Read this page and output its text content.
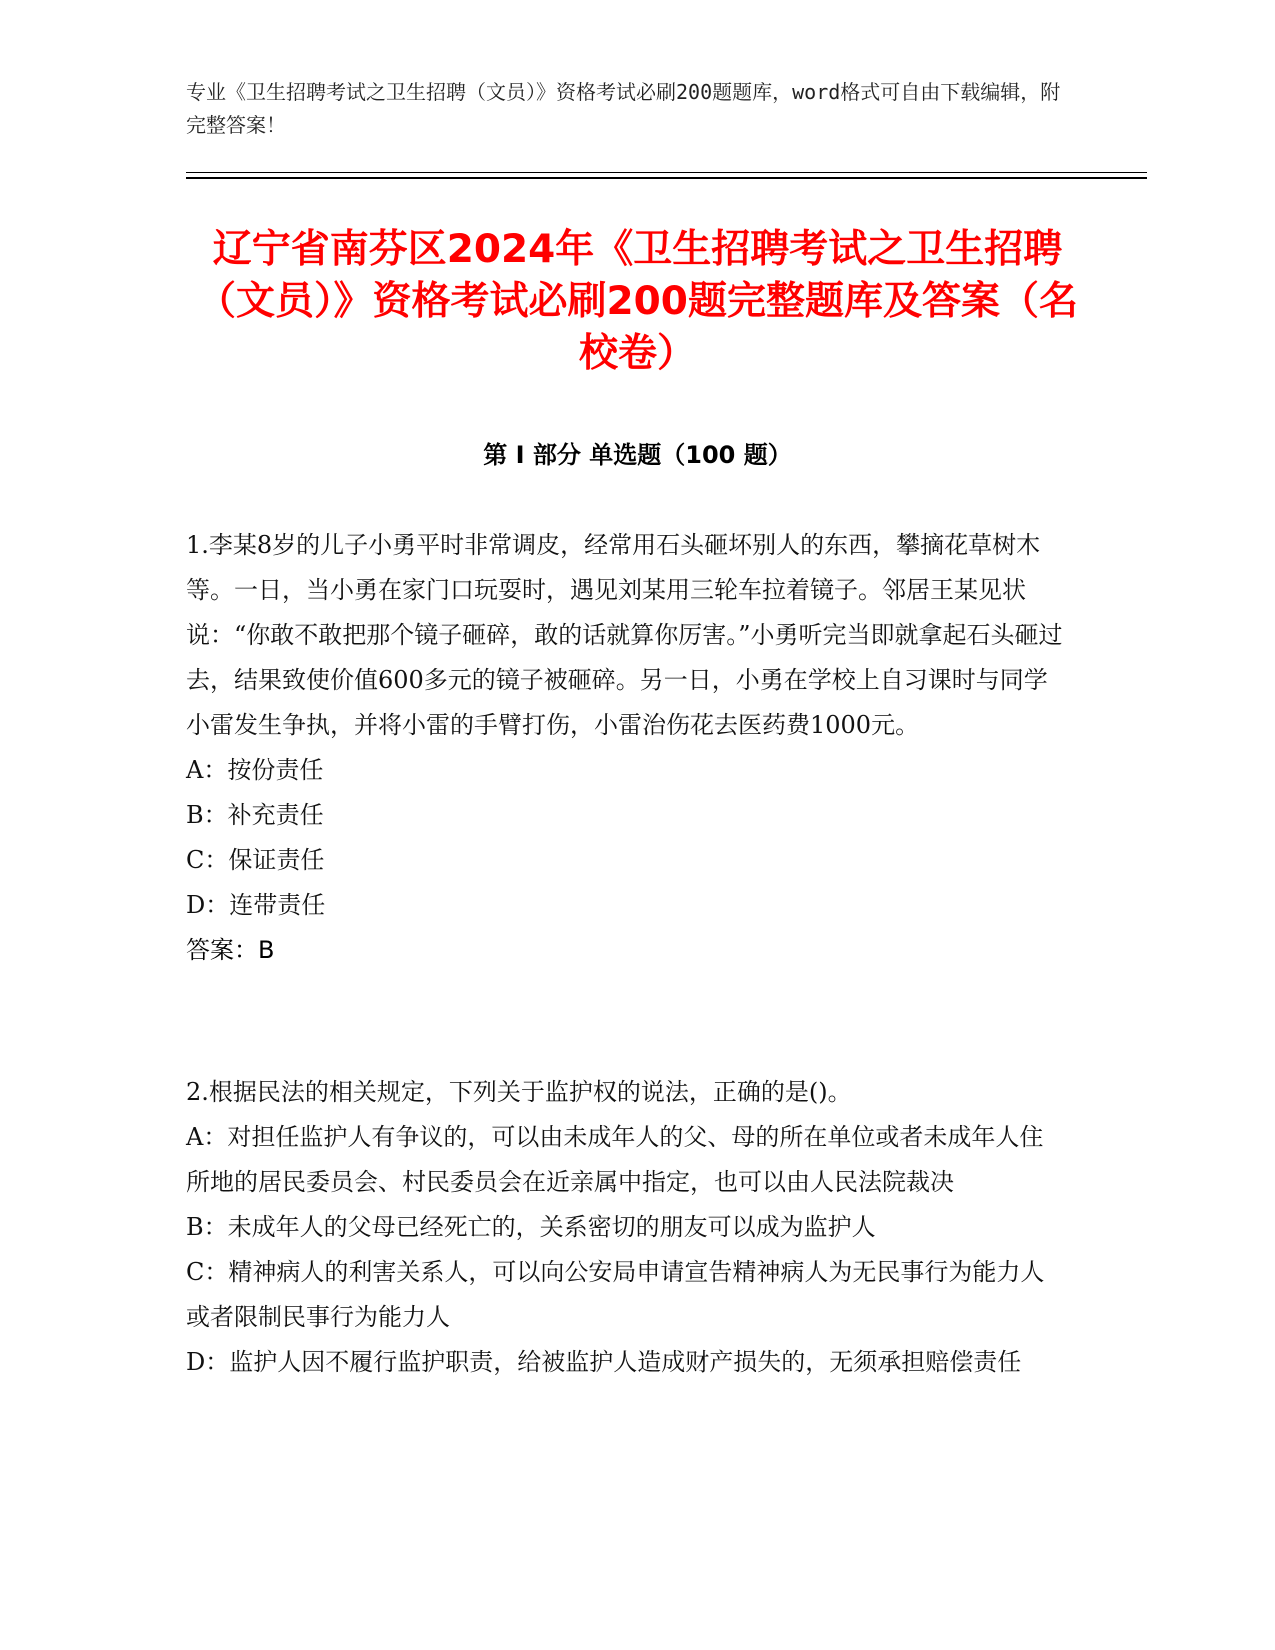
专业《卫生招聘考试之卫生招聘（文员）》资格考试必刷200题题库，word格式可自由下载编辑，附完整答案！
辽宁省南芬区2024年《卫生招聘考试之卫生招聘（文员）》资格考试必刷200题完整题库及答案（名校卷）
第 I 部分 单选题（100 题）

1.李某8岁的儿子小勇平时非常调皮，经常用石头砸坏别人的东西，攀摘花草树木等。一日，当小勇在家门口玩耍时，遇见刘某用三轮车拉着镜子。邻居王某见状说：“你敢不敢把那个镜子砸碎，敢的话就算你厉害。”小勇听完当即就拿起石头砸过去，结果致使价值600多元的镜子被砸碎。另一日，小勇在学校上自习课时与同学小雷发生争执，并将小雷的手臂打伤，小雷治伤花去医药费1000元。

A：按份责任

B：补充责任

C：保证责任

D：连带责任

答案：B

2.根据民法的相关规定，下列关于监护权的说法，正确的是()。

A：对担任监护人有争议的，可以由未成年人的父、母的所在单位或者未成年人住所地的居民委员会、村民委员会在近亲属中指定，也可以由人民法院裁决

B：未成年人的父母已经死亡的，关系密切的朋友可以成为监护人

C：精神病人的利害关系人，可以向公安局申请宣告精神病人为无民事行为能力人或者限制民事行为能力人

D：监护人因不履行监护职责，给被监护人造成财产损失的，无须承担赔偿责任
